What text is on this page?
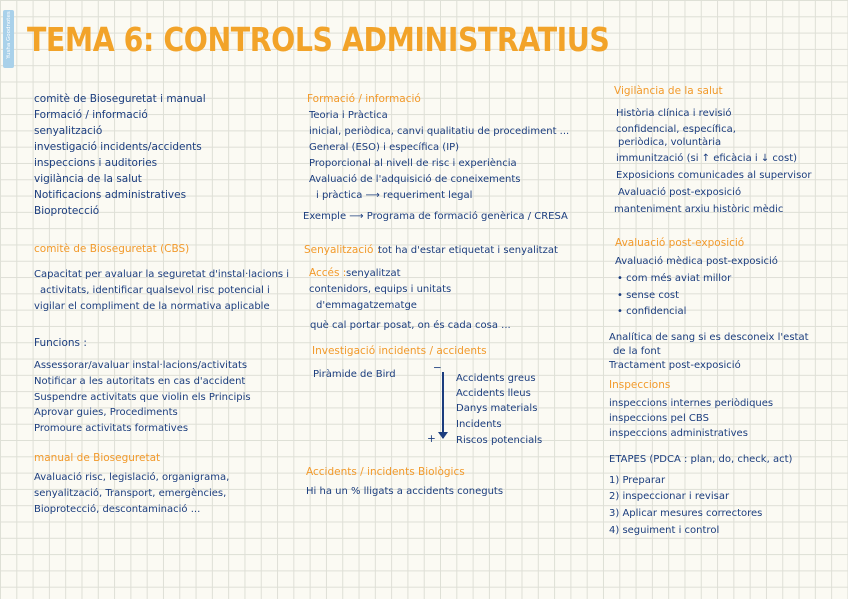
Yusha Goodnotes TEMA 6: CONTROLS ADMINISTRATIUS
comitè de Bioseguretat i manual
Formació / informació
senyalització
investigació incidents/accidents
inspeccions i auditories
vigilància de la salut
Notificacions administratives
Bioprotecció
comitè de Bioseguretat (CBS)
Capacitat per avaluar la seguretat d'instal·lacions i
activitats, identificar qualsevol risc potencial i
vigilar el compliment de la normativa aplicable
Funcions :
Assessorar/avaluar instal·lacions/activitats
Notificar a les autoritats en cas d'accident
Suspendre activitats que violin els Principis
Aprovar guies, Procediments
Promoure activitats formatives
manual de Bioseguretat
Avaluació risc, legislació, organigrama,
senyalització, Transport, emergències,
Bioprotecció, descontaminació ...
Formació / informació
Teoria i Pràctica
inicial, periòdica, canvi qualitatiu de procediment ...
General (ESO) i específica (IP)
Proporcional al nivell de risc i experiència
Avaluació de l'adquisició de coneixements
i pràctica ⟶ requeriment legal
Exemple ⟶ Programa de formació genèrica / CRESA
Senyalització :
tot ha d'estar etiquetat i senyalitzat
Accés : senyalitzat
contenidors, equips i unitats
d'emmagatzematge
què cal portar posat, on és cada cosa ...
Investigació incidents / accidents
Piràmide de Bird
−
+
Accidents greus
Accidents lleus
Danys materials
Incidents
Riscos potencials
Accidents / incidents Biològics
Hi ha un % lligats a accidents coneguts
Vigilància de la salut
Història clínica i revisió
confidencial, específica,
periòdica, voluntària
immunització (si ↑ eficàcia i ↓ cost)
Exposicions comunicades al supervisor
Avaluació post-exposició
manteniment arxiu històric mèdic
Avaluació post-exposició
Avaluació mèdica post-exposició
• com més aviat millor
• sense cost
• confidencial
Analítica de sang si es desconeix l'estat
de la font
Tractament post-exposició
Inspeccions
inspeccions internes periòdiques
inspeccions pel CBS
inspeccions administratives
ETAPES (PDCA : plan, do, check, act)
1) Preparar
2) inspeccionar i revisar
3) Aplicar mesures correctores
4) seguiment i control
